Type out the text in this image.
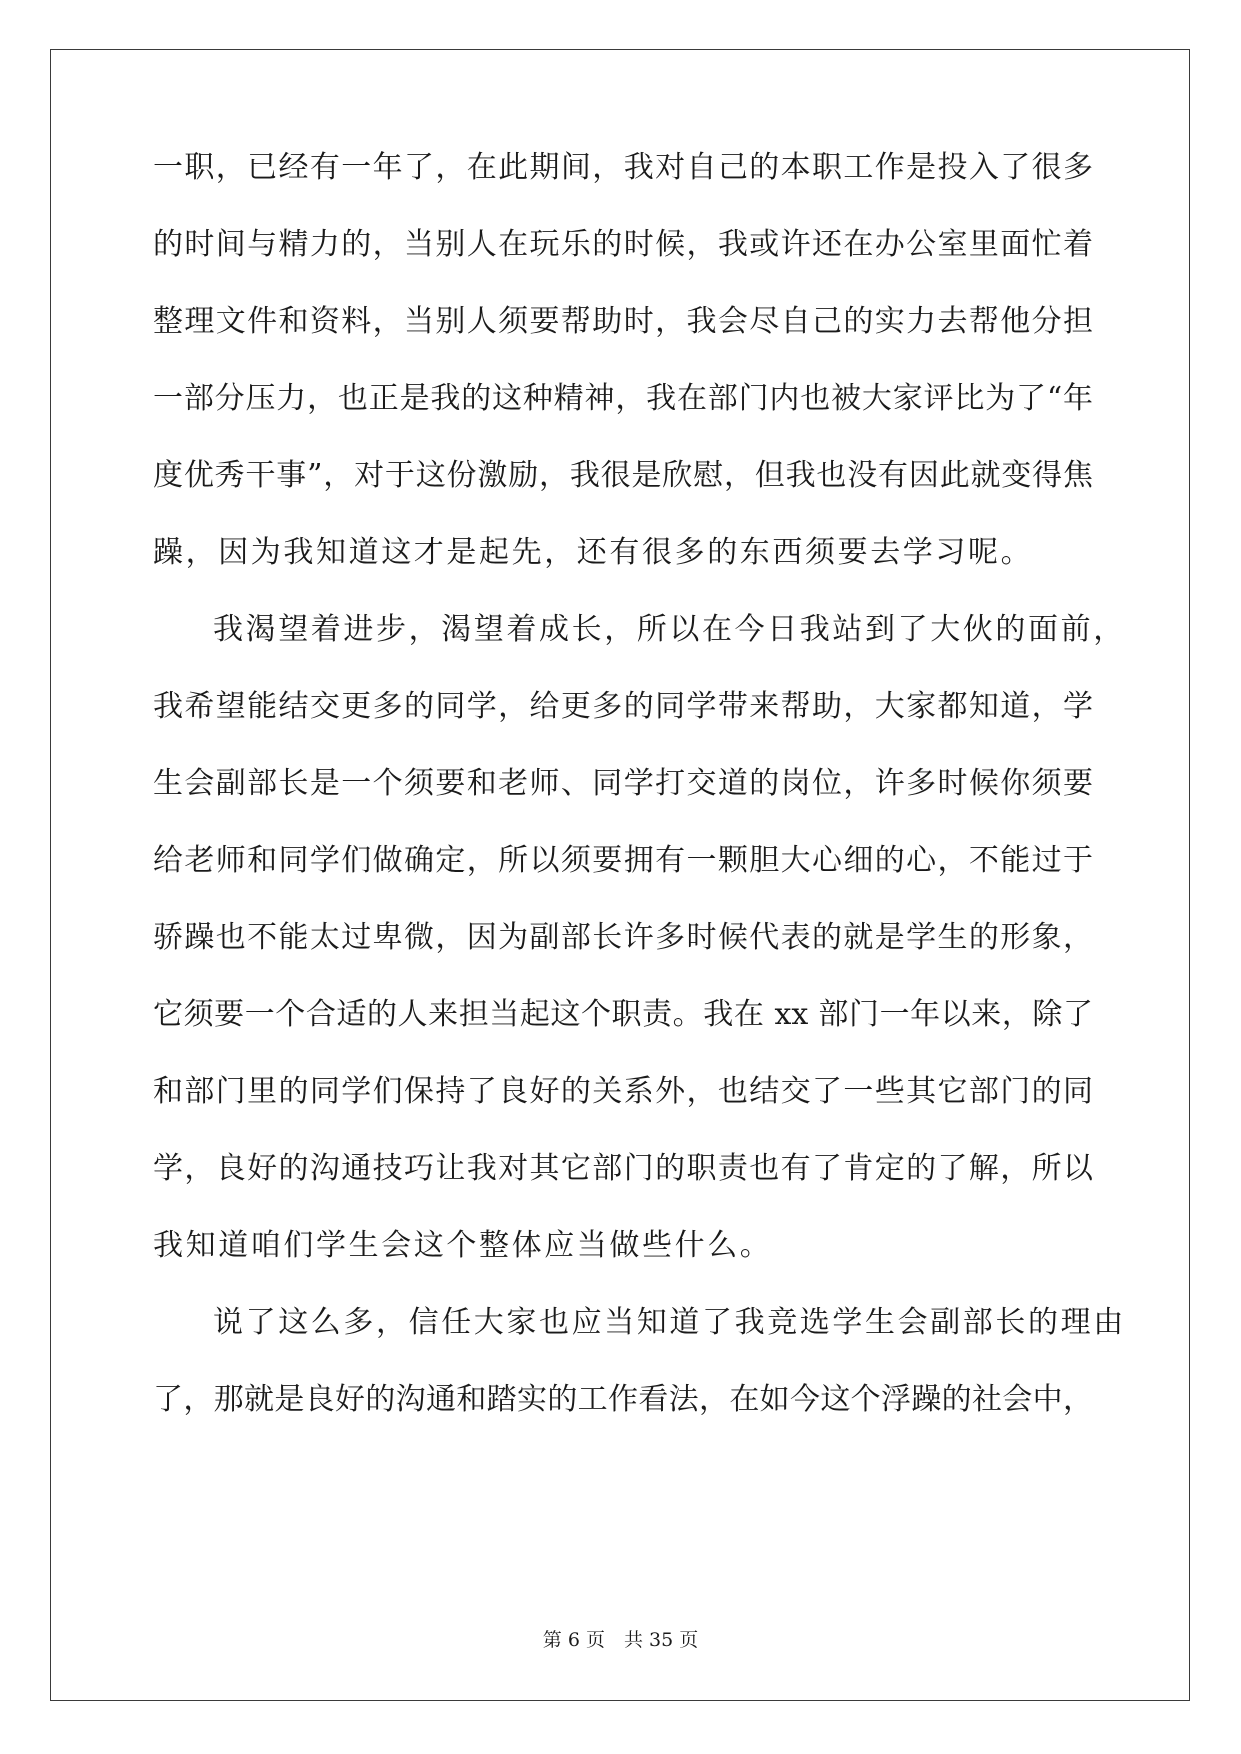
一职，已经有一年了，在此期间，我对自己的本职工作是投入了很多
的时间与精力的，当别人在玩乐的时候，我或许还在办公室里面忙着
整理文件和资料，当别人须要帮助时，我会尽自己的实力去帮他分担
一部分压力，也正是我的这种精神，我在部门内也被大家评比为了“年
度优秀干事”，对于这份激励，我很是欣慰，但我也没有因此就变得焦
躁，因为我知道这才是起先，还有很多的东西须要去学习呢。
我渴望着进步，渴望着成长，所以在今日我站到了大伙的面前，
我希望能结交更多的同学，给更多的同学带来帮助，大家都知道，学
生会副部长是一个须要和老师、同学打交道的岗位，许多时候你须要
给老师和同学们做确定，所以须要拥有一颗胆大心细的心，不能过于
骄躁也不能太过卑微，因为副部长许多时候代表的就是学生的形象，
它须要一个合适的人来担当起这个职责。我在 xx 部门一年以来，除了
和部门里的同学们保持了良好的关系外，也结交了一些其它部门的同
学，良好的沟通技巧让我对其它部门的职责也有了肯定的了解，所以
我知道咱们学生会这个整体应当做些什么。
说了这么多，信任大家也应当知道了我竞选学生会副部长的理由
了，那就是良好的沟通和踏实的工作看法，在如今这个浮躁的社会中，
第 6 页　共 35 页
